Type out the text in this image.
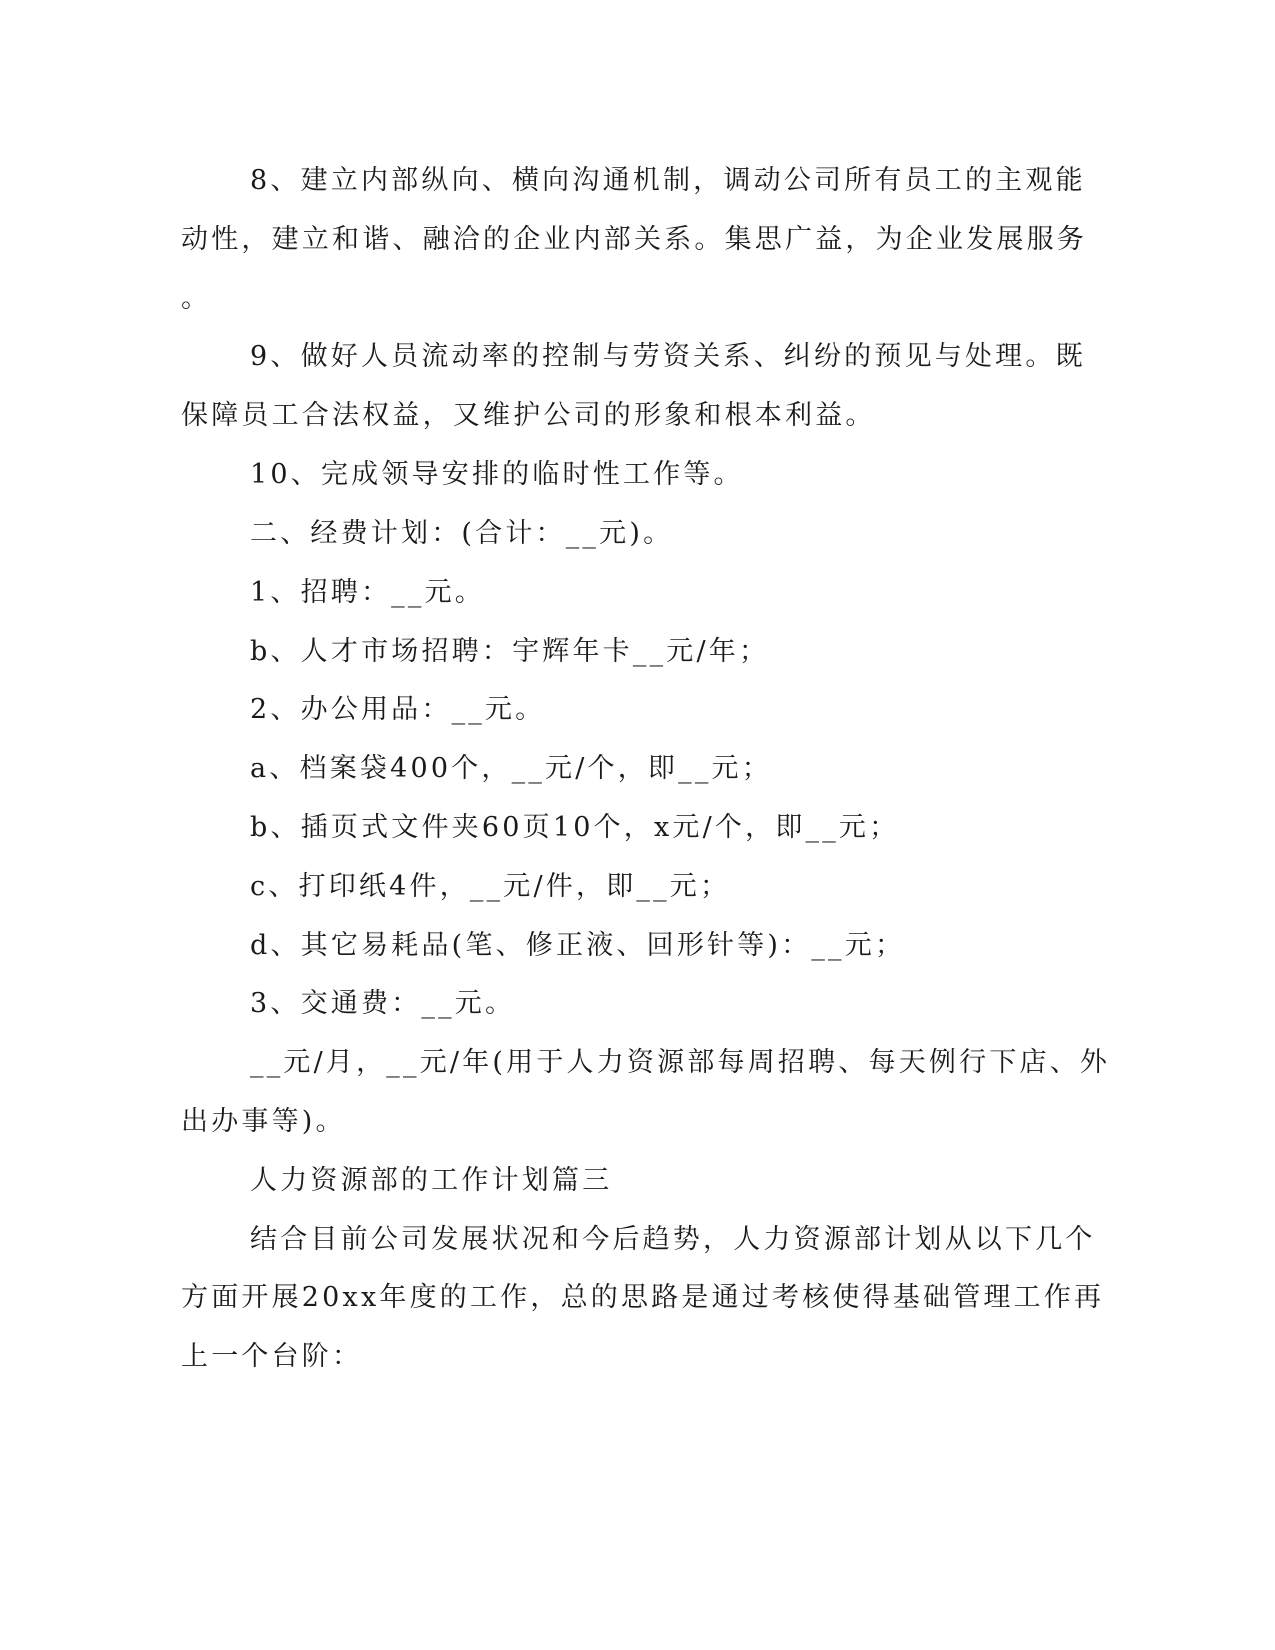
8、建立内部纵向、横向沟通机制，调动公司所有员工的主观能
动性，建立和谐、融洽的企业内部关系。集思广益，为企业发展服务
。
9、做好人员流动率的控制与劳资关系、纠纷的预见与处理。既
保障员工合法权益，又维护公司的形象和根本利益。
10、完成领导安排的临时性工作等。
二、经费计划：(合计：__元)。
1、招聘：__元。
b、人才市场招聘：宇辉年卡__元/年；
2、办公用品：__元。
a、档案袋400个，__元/个，即__元；
b、插页式文件夹60页10个，x元/个，即__元；
c、打印纸4件，__元/件，即__元；
d、其它易耗品(笔、修正液、回形针等)：__元；
3、交通费：__元。
__元/月，__元/年(用于人力资源部每周招聘、每天例行下店、外
出办事等)。
人力资源部的工作计划篇三
结合目前公司发展状况和今后趋势，人力资源部计划从以下几个
方面开展20xx年度的工作，总的思路是通过考核使得基础管理工作再
上一个台阶：
